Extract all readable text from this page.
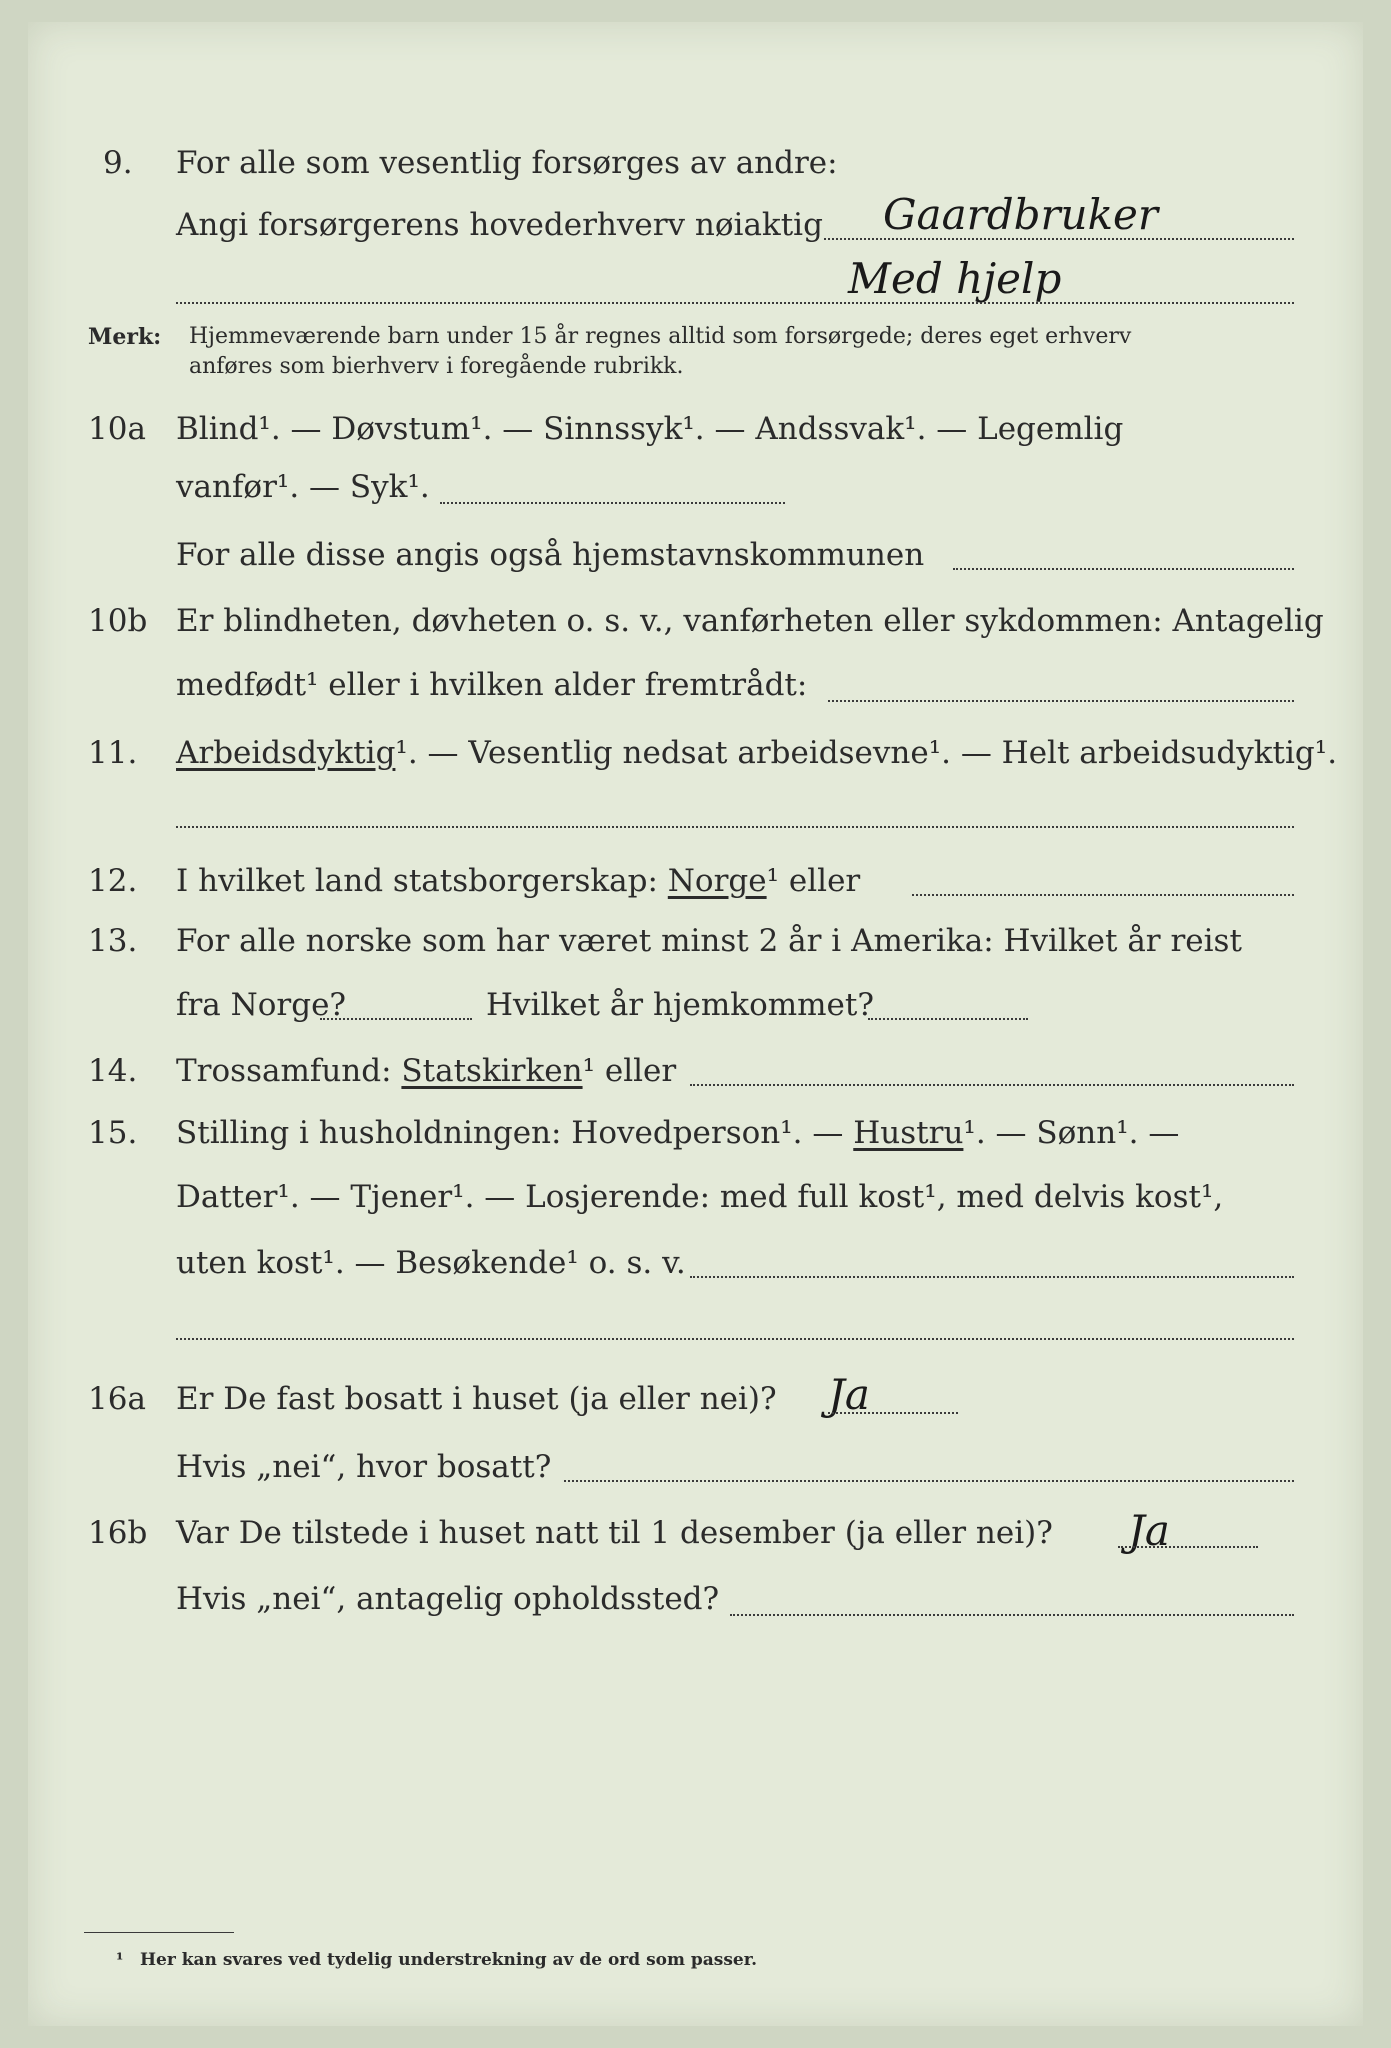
9. For alle som vesentlig forsørges av andre:
Angi forsørgerens hovederhverv nøiaktig Gaardbruker
Med hjelp
Merk: Hjemmeværende barn under 15 år regnes alltid som forsørgede; deres eget erhverv
anføres som bierhverv i foregående rubrikk.
10a Blind¹. — Døvstum¹. — Sinnssyk¹. — Andssvak¹. — Legemlig
vanfør¹. — Syk¹.
For alle disse angis også hjemstavnskommunen
10b Er blindheten, døvheten o. s. v., vanførheten eller sykdommen: Antagelig
medfødt¹ eller i hvilken alder fremtrådt:
11. Arbeidsdyktig¹. — Vesentlig nedsat arbeidsevne¹. — Helt arbeidsudyktig¹.
12. I hvilket land statsborgerskap: Norge¹ eller
13. For alle norske som har været minst 2 år i Amerika: Hvilket år reist
fra Norge?	Hvilket år hjemkommet?
14. Trossamfund: Statskirken¹ eller
15. Stilling i husholdningen: Hovedperson¹. — Hustru¹. — Sønn¹. —
Datter¹. — Tjener¹. — Losjerende: med full kost¹, med delvis kost¹,
uten kost¹. — Besøkende¹ o. s. v.
16a Er De fast bosatt i huset (ja eller nei)? Ja
Hvis „nei“, hvor bosatt?
16b Var De tilstede i huset natt til 1 desember (ja eller nei)? Ja
Hvis „nei“, antagelig opholdssted?
¹ Her kan svares ved tydelig understrekning av de ord som passer.
